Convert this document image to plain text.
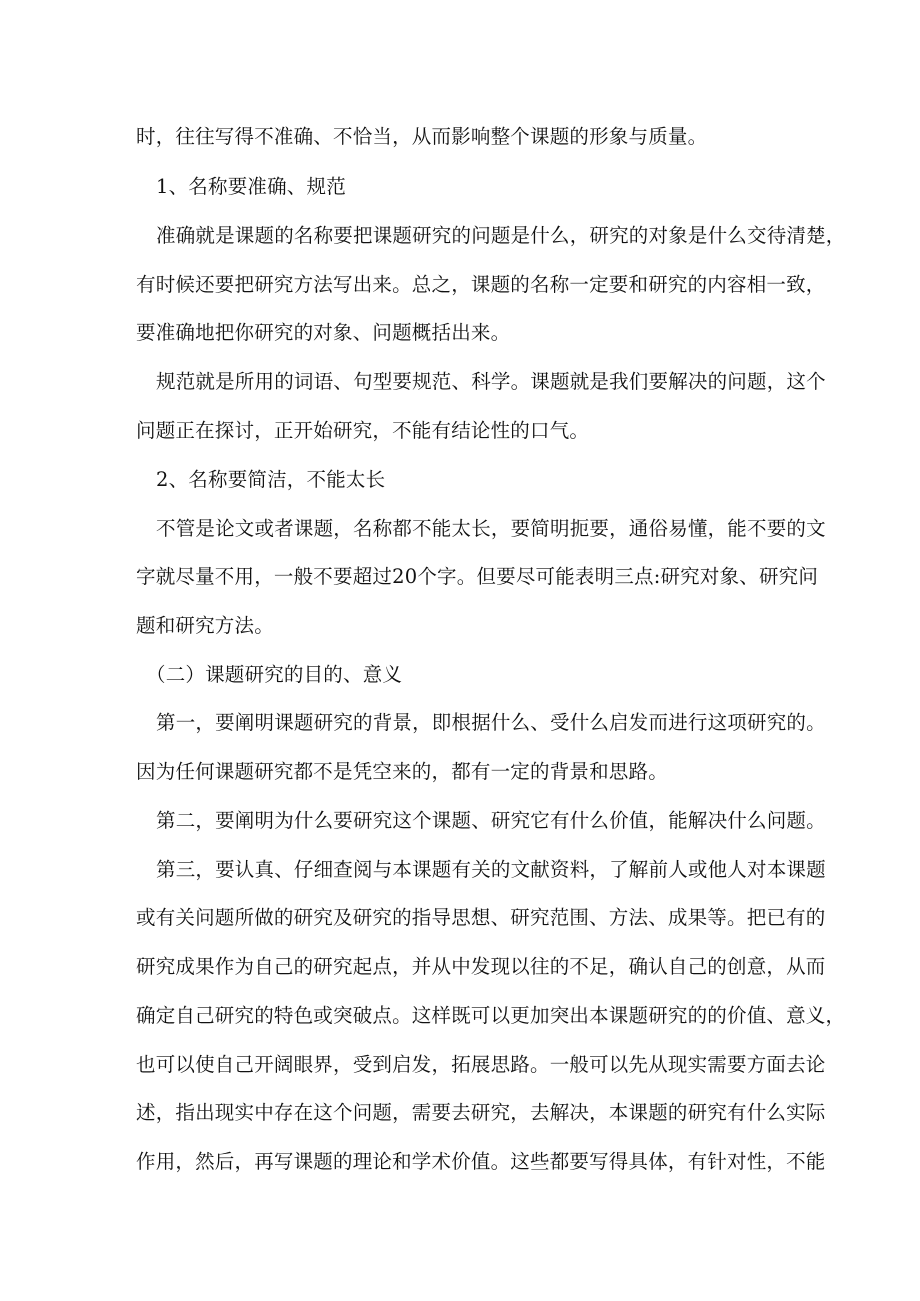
时，往往写得不准确、不恰当，从而影响整个课题的形象与质量。
1、名称要准确、规范
准确就是课题的名称要把课题研究的问题是什么，研究的对象是什么交待清楚，
有时候还要把研究方法写出来。总之，课题的名称一定要和研究的内容相一致，
要准确地把你研究的对象、问题概括出来。
规范就是所用的词语、句型要规范、科学。课题就是我们要解决的问题，这个
问题正在探讨，正开始研究，不能有结论性的口气。
2、名称要简洁，不能太长
不管是论文或者课题，名称都不能太长，要简明扼要，通俗易懂，能不要的文
字就尽量不用，一般不要超过20个字。但要尽可能表明三点:研究对象、研究问
题和研究方法。
（二）课题研究的目的、意义
第一，要阐明课题研究的背景，即根据什么、受什么启发而进行这项研究的。
因为任何课题研究都不是凭空来的，都有一定的背景和思路。
第二，要阐明为什么要研究这个课题、研究它有什么价值，能解决什么问题。
第三，要认真、仔细查阅与本课题有关的文献资料，了解前人或他人对本课题
或有关问题所做的研究及研究的指导思想、研究范围、方法、成果等。把已有的
研究成果作为自己的研究起点，并从中发现以往的不足，确认自己的创意，从而
确定自己研究的特色或突破点。这样既可以更加突出本课题研究的的价值、意义，
也可以使自己开阔眼界，受到启发，拓展思路。一般可以先从现实需要方面去论
述，指出现实中存在这个问题，需要去研究，去解决，本课题的研究有什么实际
作用，然后，再写课题的理论和学术价值。这些都要写得具体，有针对性，不能
